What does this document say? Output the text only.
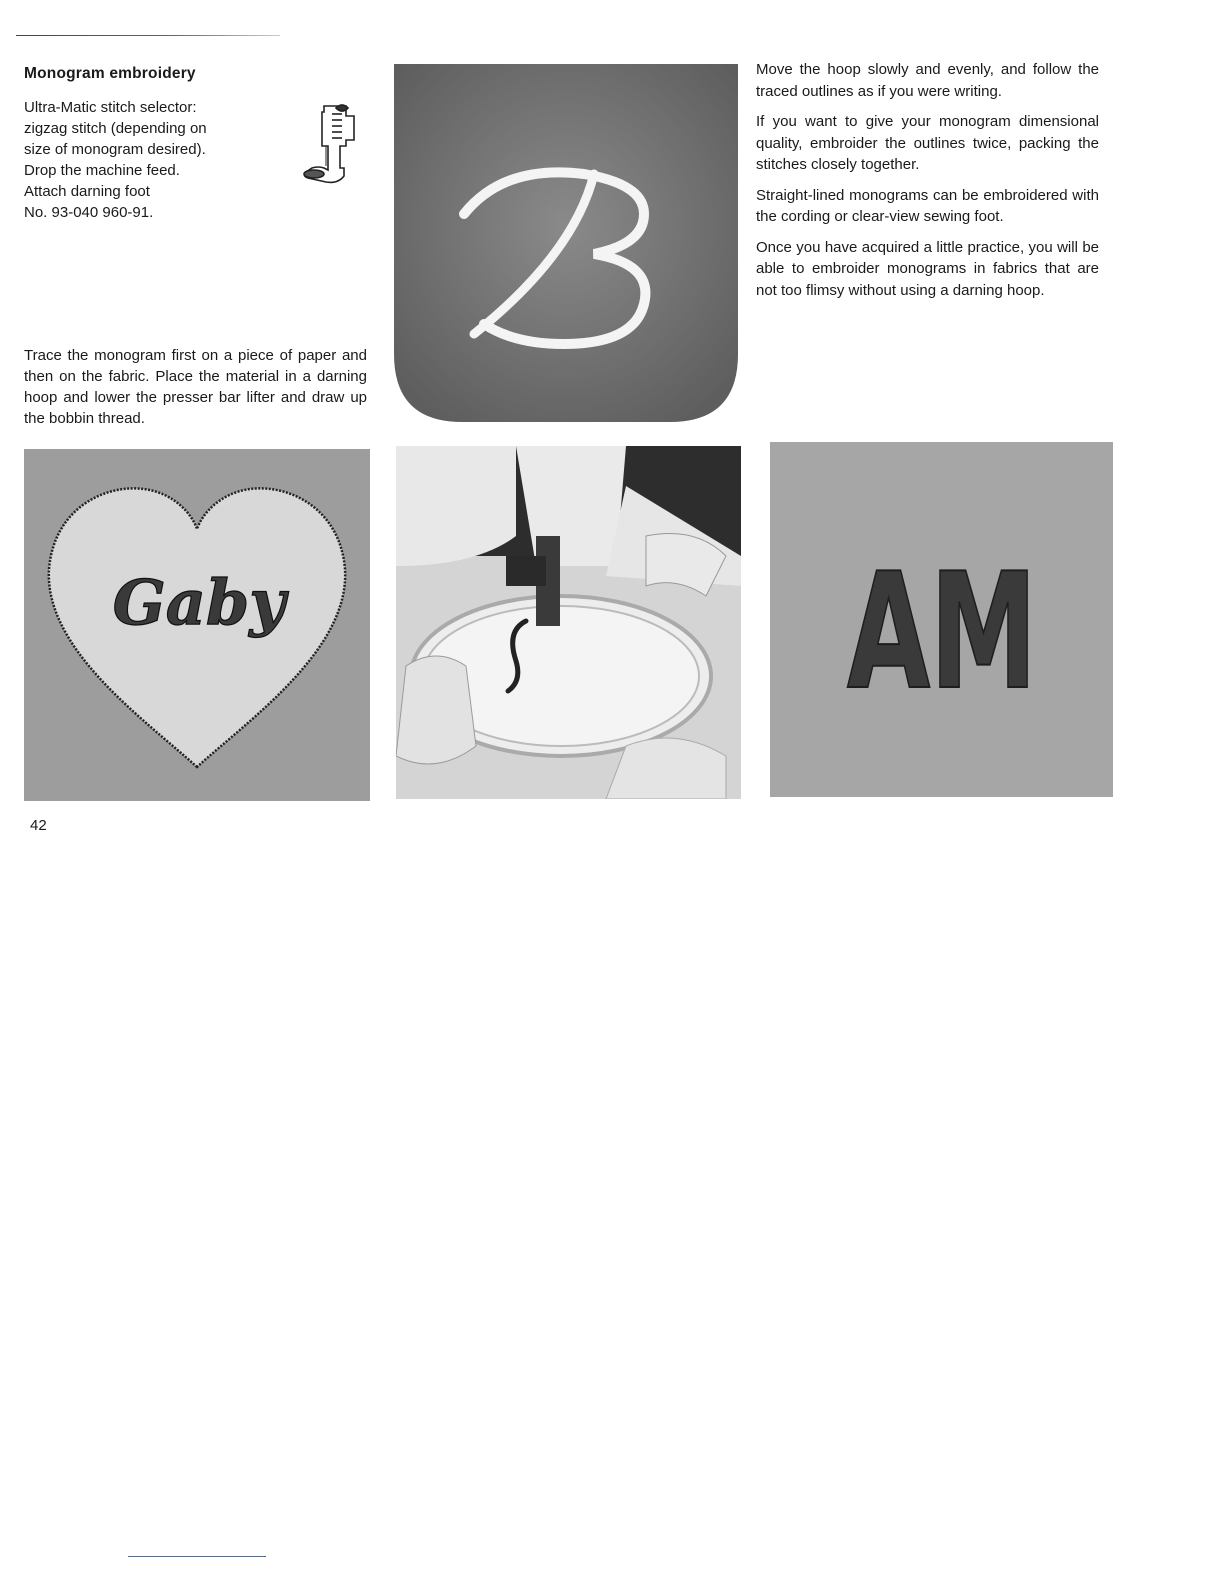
Monogram embroidery
Ultra-Matic stitch selector:
zigzag stitch (depending on
size of monogram desired).
Drop the machine feed.
Attach darning foot
No. 93-040 960-91.
Trace the monogram first on a piece of paper and then on the fabric. Place the material in a darning hoop and lower the presser bar lifter and draw up the bobbin thread.

Move the hoop slowly and evenly, and follow the traced outlines as if you were writing.

If you want to give your monogram dimensional quality, embroider the outlines twice, packing the stitches closely together.

Straight-lined monograms can be embroidered with the cording or clear-view sewing foot.

Once you have acquired a little practice, you will be able to embroider monograms in fabrics that are not too flimsy without using a darning hoop.

Gaby	AM
42
